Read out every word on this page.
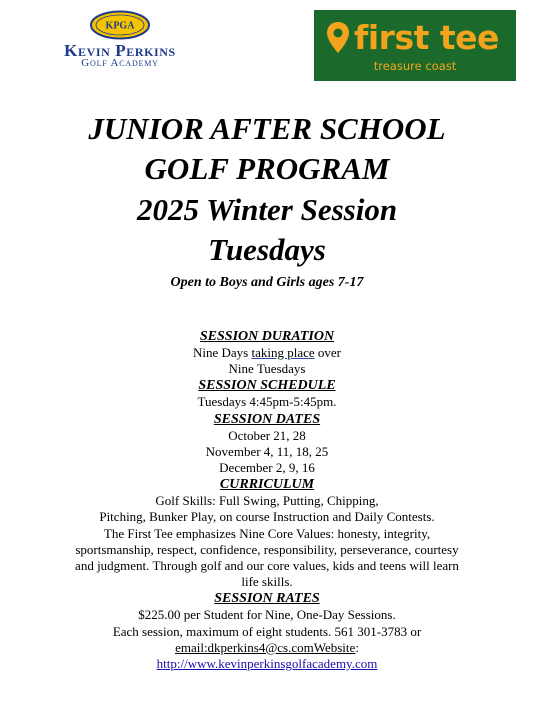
KPGA
Kevin Perkins
Golf Academy
first tee
treasure coast
JUNIOR AFTER SCHOOL
GOLF PROGRAM
2025 Winter Session
Tuesdays
Open to Boys and Girls ages 7-17
SESSION DURATION
Nine Days taking place over
Nine Tuesdays
SESSION SCHEDULE
Tuesdays 4:45pm-5:45pm.
SESSION DATES
October 21, 28
November 4, 11, 18, 25
December 2, 9, 16
CURRICULUM
Golf Skills: Full Swing, Putting, Chipping,
Pitching, Bunker Play, on course Instruction and Daily Contests.
The First Tee emphasizes Nine Core Values: honesty, integrity,
sportsmanship, respect, confidence, responsibility, perseverance, courtesy
and judgment. Through golf and our core values, kids and teens will learn
life skills.
SESSION RATES
$225.00 per Student for Nine, One-Day Sessions.
Each session, maximum of eight students. 561 301-3783 or
email:dkperkins4@cs.comWebsite:
http://www.kevinperkinsgolfacademy.com
